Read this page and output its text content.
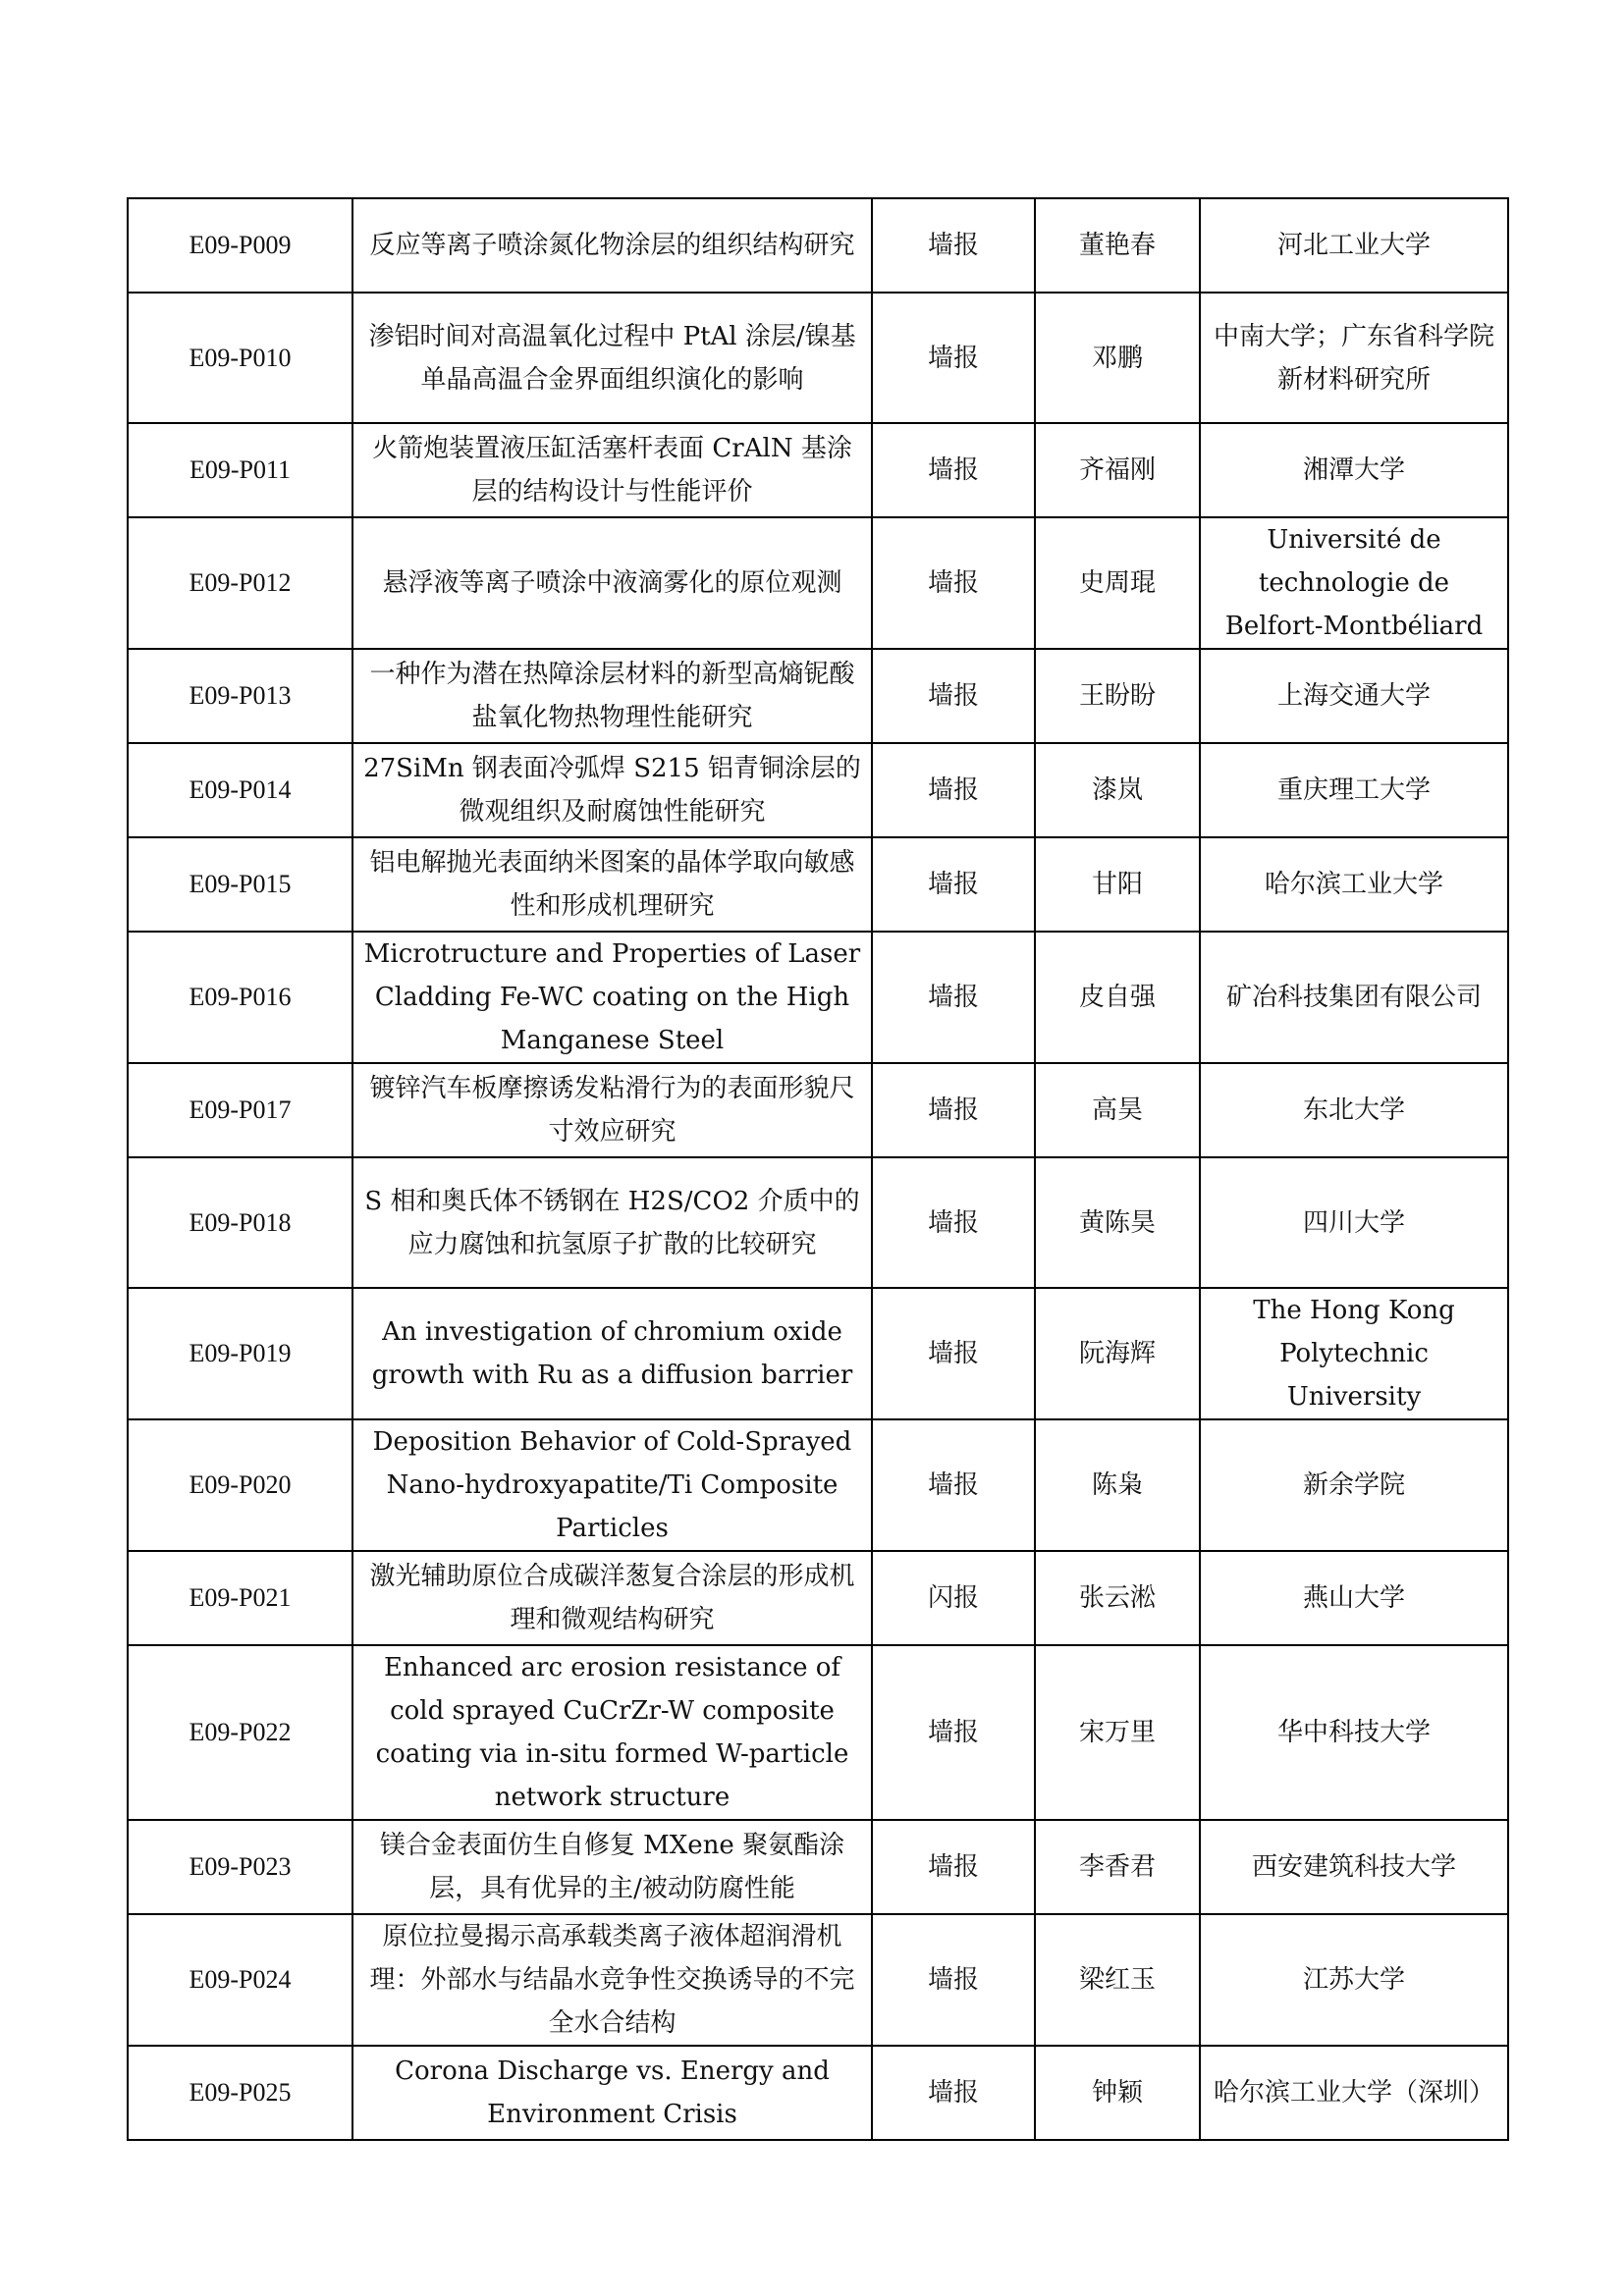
E09-P009	反应等离子喷涂氮化物涂层的组织结构研究	墙报	董艳春	河北工业大学
E09-P010	渗铝时间对高温氧化过程中 PtAl 涂层/镍基单晶高温合金界面组织演化的影响	墙报	邓鹏	中南大学；广东省科学院新材料研究所
E09-P011	火箭炮装置液压缸活塞杆表面 CrAlN 基涂层的结构设计与性能评价	墙报	齐福刚	湘潭大学
E09-P012	悬浮液等离子喷涂中液滴雾化的原位观测	墙报	史周琨	Université de technologie de Belfort-Montbéliard
E09-P013	一种作为潜在热障涂层材料的新型高熵铌酸盐氧化物热物理性能研究	墙报	王盼盼	上海交通大学
E09-P014	27SiMn 钢表面冷弧焊 S215 铝青铜涂层的微观组织及耐腐蚀性能研究	墙报	漆岚	重庆理工大学
E09-P015	铝电解抛光表面纳米图案的晶体学取向敏感性和形成机理研究	墙报	甘阳	哈尔滨工业大学
E09-P016	Microtructure and Properties of Laser Cladding Fe-WC coating on the High Manganese Steel	墙报	皮自强	矿冶科技集团有限公司
E09-P017	镀锌汽车板摩擦诱发粘滑行为的表面形貌尺寸效应研究	墙报	高昊	东北大学
E09-P018	S 相和奥氏体不锈钢在 H2S/CO2 介质中的应力腐蚀和抗氢原子扩散的比较研究	墙报	黄陈昊	四川大学
E09-P019	An investigation of chromium oxide growth with Ru as a diffusion barrier	墙报	阮海辉	The Hong Kong Polytechnic University
E09-P020	Deposition Behavior of Cold-Sprayed Nano-hydroxyapatite/Ti Composite Particles	墙报	陈枭	新余学院
E09-P021	激光辅助原位合成碳洋葱复合涂层的形成机理和微观结构研究	闪报	张云淞	燕山大学
E09-P022	Enhanced arc erosion resistance of cold sprayed CuCrZr-W composite coating via in-situ formed W-particle network structure	墙报	宋万里	华中科技大学
E09-P023	镁合金表面仿生自修复 MXene 聚氨酯涂层，具有优异的主/被动防腐性能	墙报	李香君	西安建筑科技大学
E09-P024	原位拉曼揭示高承载类离子液体超润滑机理：外部水与结晶水竞争性交换诱导的不完全水合结构	墙报	梁红玉	江苏大学
E09-P025	Corona Discharge vs. Energy and Environment Crisis	墙报	钟颖	哈尔滨工业大学（深圳）
